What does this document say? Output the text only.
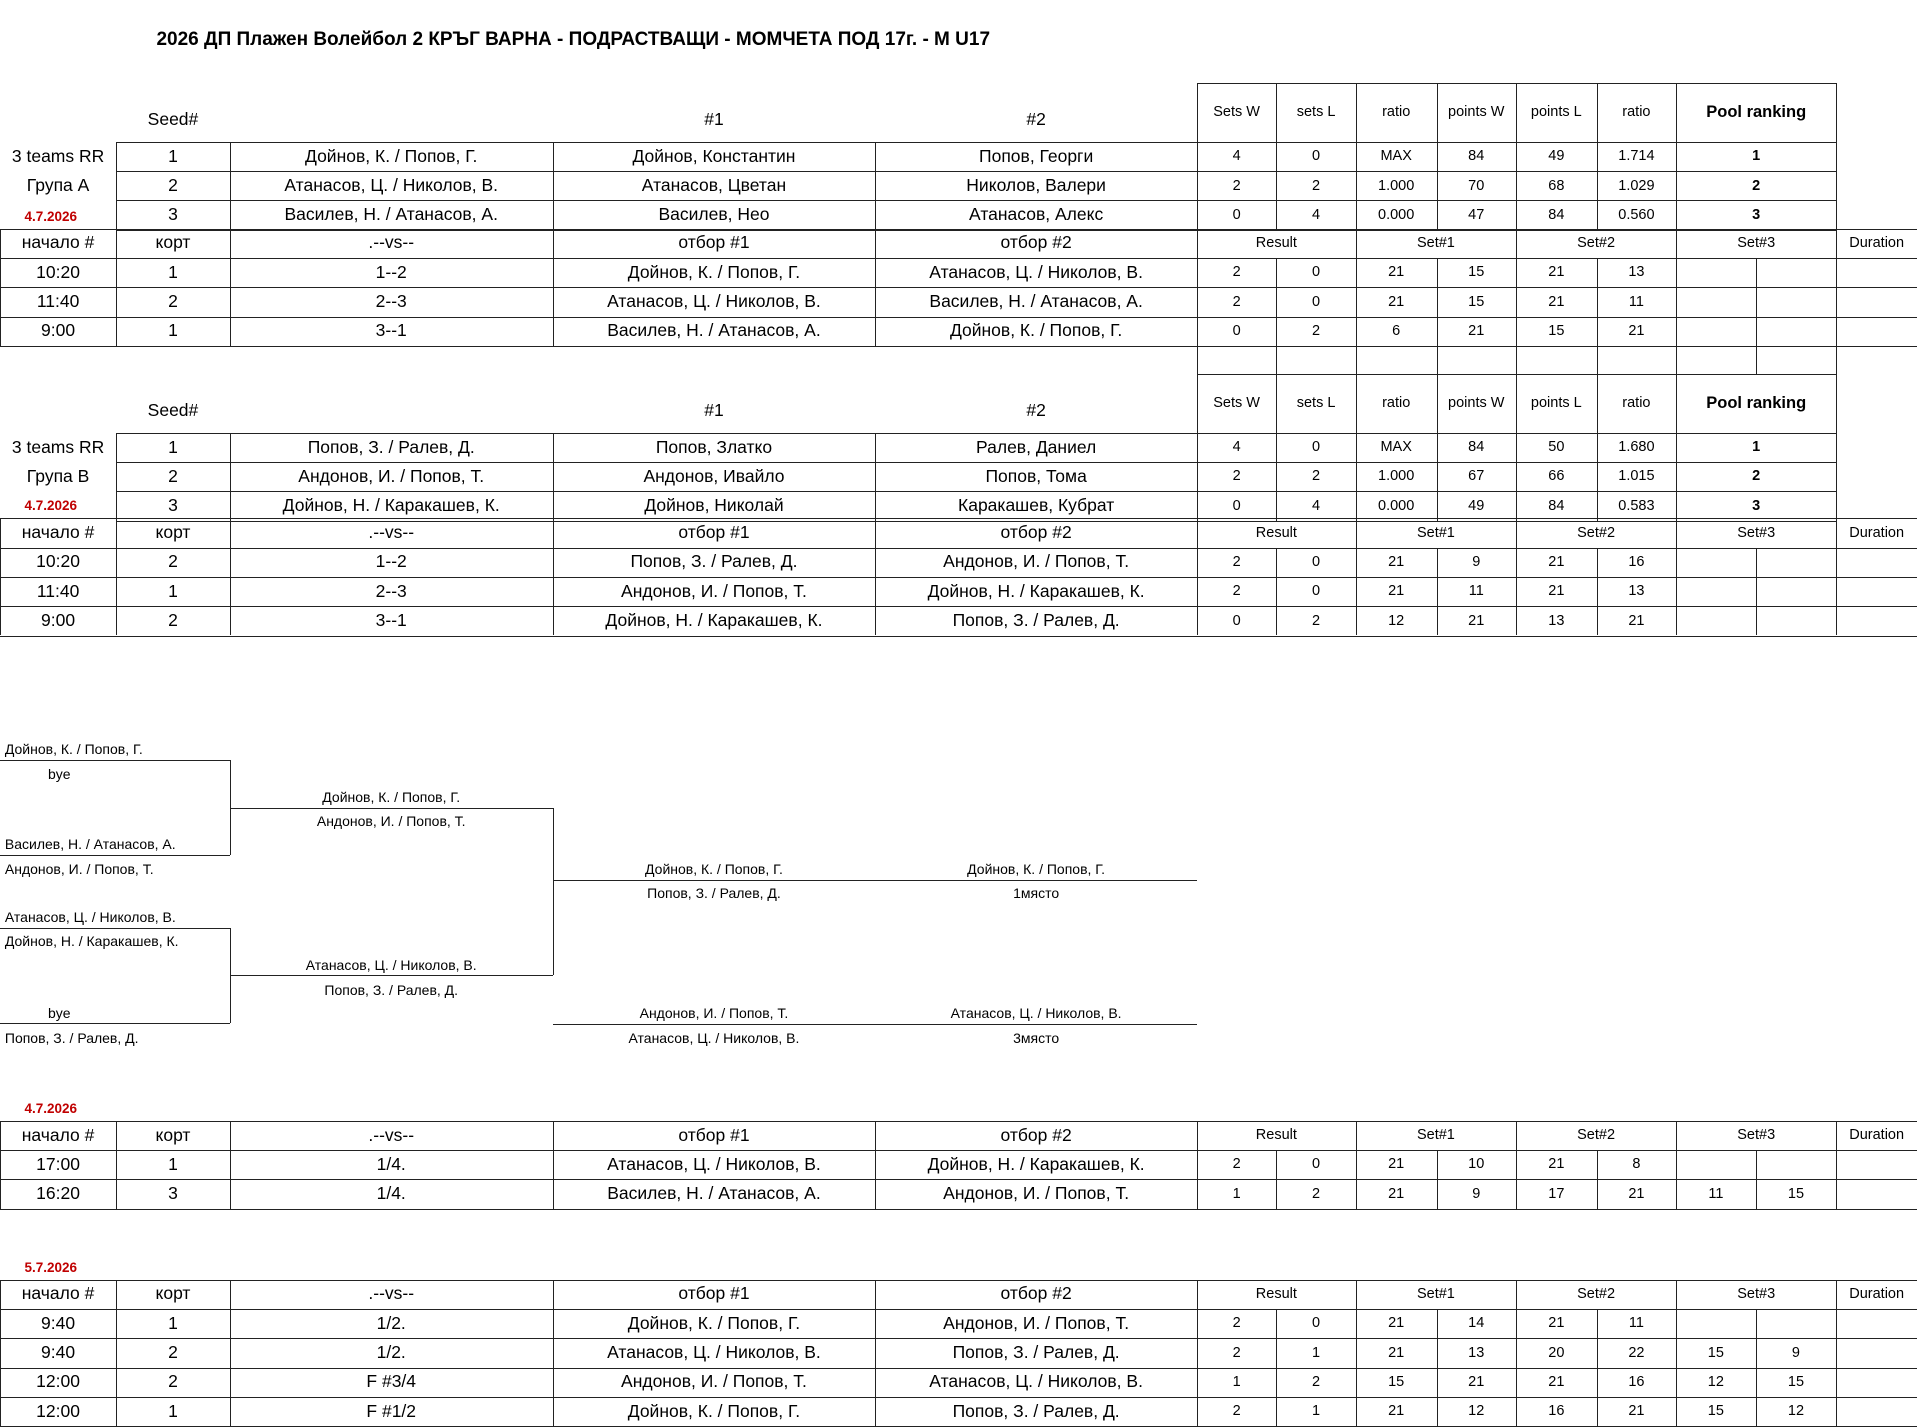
2026 ДП Плажен Волейбол 2 КРЪГ ВАРНА - ПОДРАСТВАЩИ - МОМЧЕТА ПОД 17г. - M U17
Seed#	#1	#2	Sets W	sets L	ratio	points W	points L	ratio	Pool ranking
3 teams RR
Група A
1	Дойнов, К. / Попов, Г.	Дойнов, Константин	Попов, Георги	4	0	MAX	84	49	1.714	1
2	Атанасов, Ц. / Николов, В.	Атанасов, Цветан	Николов, Валери	2	2	1.000	70	68	1.029	2
3	Василев, Н. / Атанасов, А.	Василев, Нео	Атанасов, Алекс	0	4	0.000	47	84	0.560	3
Seed#	#1	#2	Sets W	sets L	ratio	points W	points L	ratio	Pool ranking
3 teams RR
Група B
1	Попов, З. / Ралев, Д.	Попов, Златко	Ралев, Даниел	4	0	MAX	84	50	1.680	1
2	Андонов, И. / Попов, Т.	Андонов, Ивайло	Попов, Тома	2	2	1.000	67	66	1.015	2
3	Дойнов, Н. / Каракашев, К.	Дойнов, Николай	Каракашев, Кубрат	0	4	0.000	49	84	0.583	3
4.7.2026
начало #	корт	.--vs--	отбор #1	отбор #2	Result	Set#1	Set#2	Set#3	Duration
10:20	1	1--2	Дойнов, К. / Попов, Г.	Атанасов, Ц. / Николов, В.	2	0	21	15	21	13
11:40	2	2--3	Атанасов, Ц. / Николов, В.	Василев, Н. / Атанасов, А.	2	0	21	15	21	11
9:00	1	3--1	Василев, Н. / Атанасов, А.	Дойнов, К. / Попов, Г.	0	2	6	21	15	21
4.7.2026
начало #	корт	.--vs--	отбор #1	отбор #2	Result	Set#1	Set#2	Set#3	Duration
10:20	2	1--2	Попов, З. / Ралев, Д.	Андонов, И. / Попов, Т.	2	0	21	9	21	16
11:40	1	2--3	Андонов, И. / Попов, Т.	Дойнов, Н. / Каракашев, К.	2	0	21	11	21	13
9:00	2	3--1	Дойнов, Н. / Каракашев, К.	Попов, З. / Ралев, Д.	0	2	12	21	13	21
4.7.2026
начало #	корт	.--vs--	отбор #1	отбор #2	Result	Set#1	Set#2	Set#3	Duration
17:00	1	1/4.	Атанасов, Ц. / Николов, В.	Дойнов, Н. / Каракашев, К.	2	0	21	10	21	8
16:20	3	1/4.	Василев, Н. / Атанасов, А.	Андонов, И. / Попов, Т.	1	2	21	9	17	21	11	15
5.7.2026
начало #	корт	.--vs--	отбор #1	отбор #2	Result	Set#1	Set#2	Set#3	Duration
9:40	1	1/2.	Дойнов, К. / Попов, Г.	Андонов, И. / Попов, Т.	2	0	21	14	21	11
9:40	2	1/2.	Атанасов, Ц. / Николов, В.	Попов, З. / Ралев, Д.	2	1	21	13	20	22	15	9
12:00	2	F #3/4	Андонов, И. / Попов, Т.	Атанасов, Ц. / Николов, В.	1	2	15	21	21	16	12	15
12:00	1	F #1/2	Дойнов, К. / Попов, Г.	Попов, З. / Ралев, Д.	2	1	21	12	16	21	15	12
Дойнов, К. / Попов, Г.
bye
Василев, Н. / Атанасов, А.
Андонов, И. / Попов, Т.
Атанасов, Ц. / Николов, В.
Дойнов, Н. / Каракашев, К.
bye
Попов, З. / Ралев, Д.
Дойнов, К. / Попов, Г.
Андонов, И. / Попов, Т.
Атанасов, Ц. / Николов, В.
Попов, З. / Ралев, Д.
Дойнов, К. / Попов, Г.
Попов, З. / Ралев, Д.
Дойнов, К. / Попов, Г.
1място
Андонов, И. / Попов, Т.
Атанасов, Ц. / Николов, В.
Атанасов, Ц. / Николов, В.
3място
